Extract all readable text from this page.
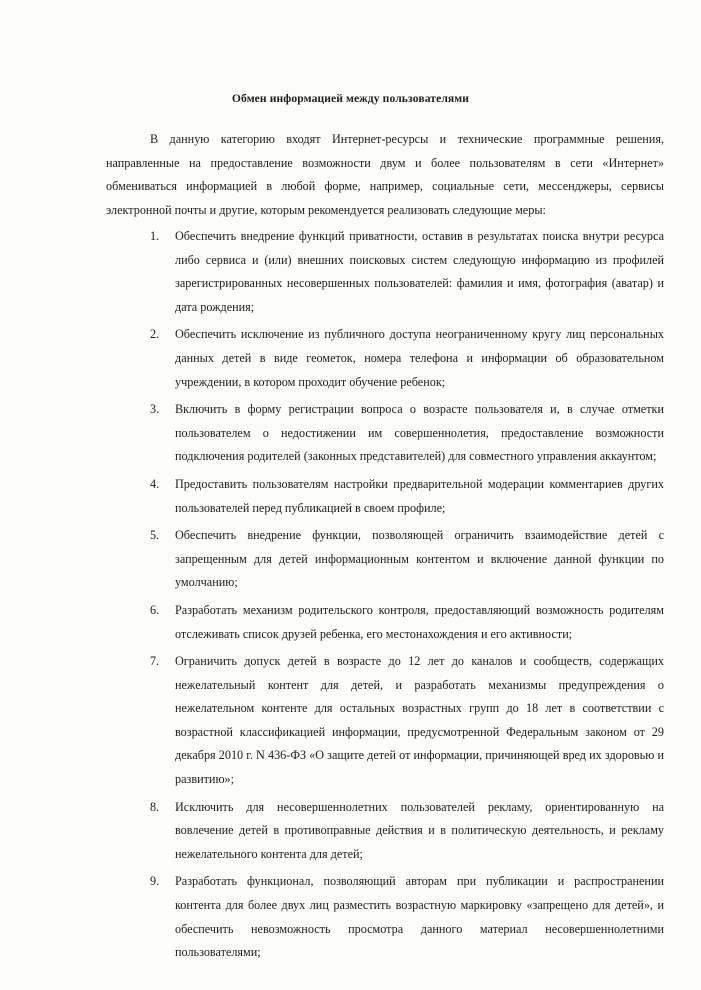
Обмен информацией между пользователями

В данную категорию входят Интернет-ресурсы и технические программные решения, направленные на предоставление возможности двум и более пользователям в сети «Интернет» обмениваться информацией в любой форме, например, социальные сети, мессенджеры, сервисы электронной почты и другие, которым рекомендуется реализовать следующие меры:

1. Обеспечить внедрение функций приватности, оставив в результатах поиска внутри ресурса либо сервиса и (или) внешних поисковых систем следующую информацию из профилей зарегистрированных несовершенных пользователей: фамилия и имя, фотография (аватар) и дата рождения;
2. Обеспечить исключение из публичного доступа неограниченному кругу лиц персональных данных детей в виде геометок, номера телефона и информации об образовательном учреждении, в котором проходит обучение ребенок;
3. Включить в форму регистрации вопроса о возрасте пользователя и, в случае отметки пользователем о недостижении им совершеннолетия, предоставление возможности подключения родителей (законных представителей) для совместного управления аккаунтом;
4. Предоставить пользователям настройки предварительной модерации комментариев других пользователей перед публикацией в своем профиле;
5. Обеспечить внедрение функции, позволяющей ограничить взаимодействие детей с запрещенным для детей информационным контентом и включение данной функции по умолчанию;
6. Разработать механизм родительского контроля, предоставляющий возможность родителям отслеживать список друзей ребенка, его местонахождения и его активности;
7. Ограничить допуск детей в возрасте до 12 лет до каналов и сообществ, содержащих нежелательный контент для детей, и разработать механизмы предупреждения о нежелательном контенте для остальных возрастных групп до 18 лет в соответствии с возрастной классификацией информации, предусмотренной Федеральным законом от 29 декабря 2010 г. N 436-ФЗ «О защите детей от информации, причиняющей вред их здоровью и развитию»;
8. Исключить для несовершеннолетних пользователей рекламу, ориентированную на вовлечение детей в противоправные действия и в политическую деятельность, и рекламу нежелательного контента для детей;
9. Разработать функционал, позволяющий авторам при публикации и распространении контента для более двух лиц разместить возрастную маркировку «запрещено для детей», и обеспечить невозможность просмотра данного материал несовершеннолетними пользователями;
